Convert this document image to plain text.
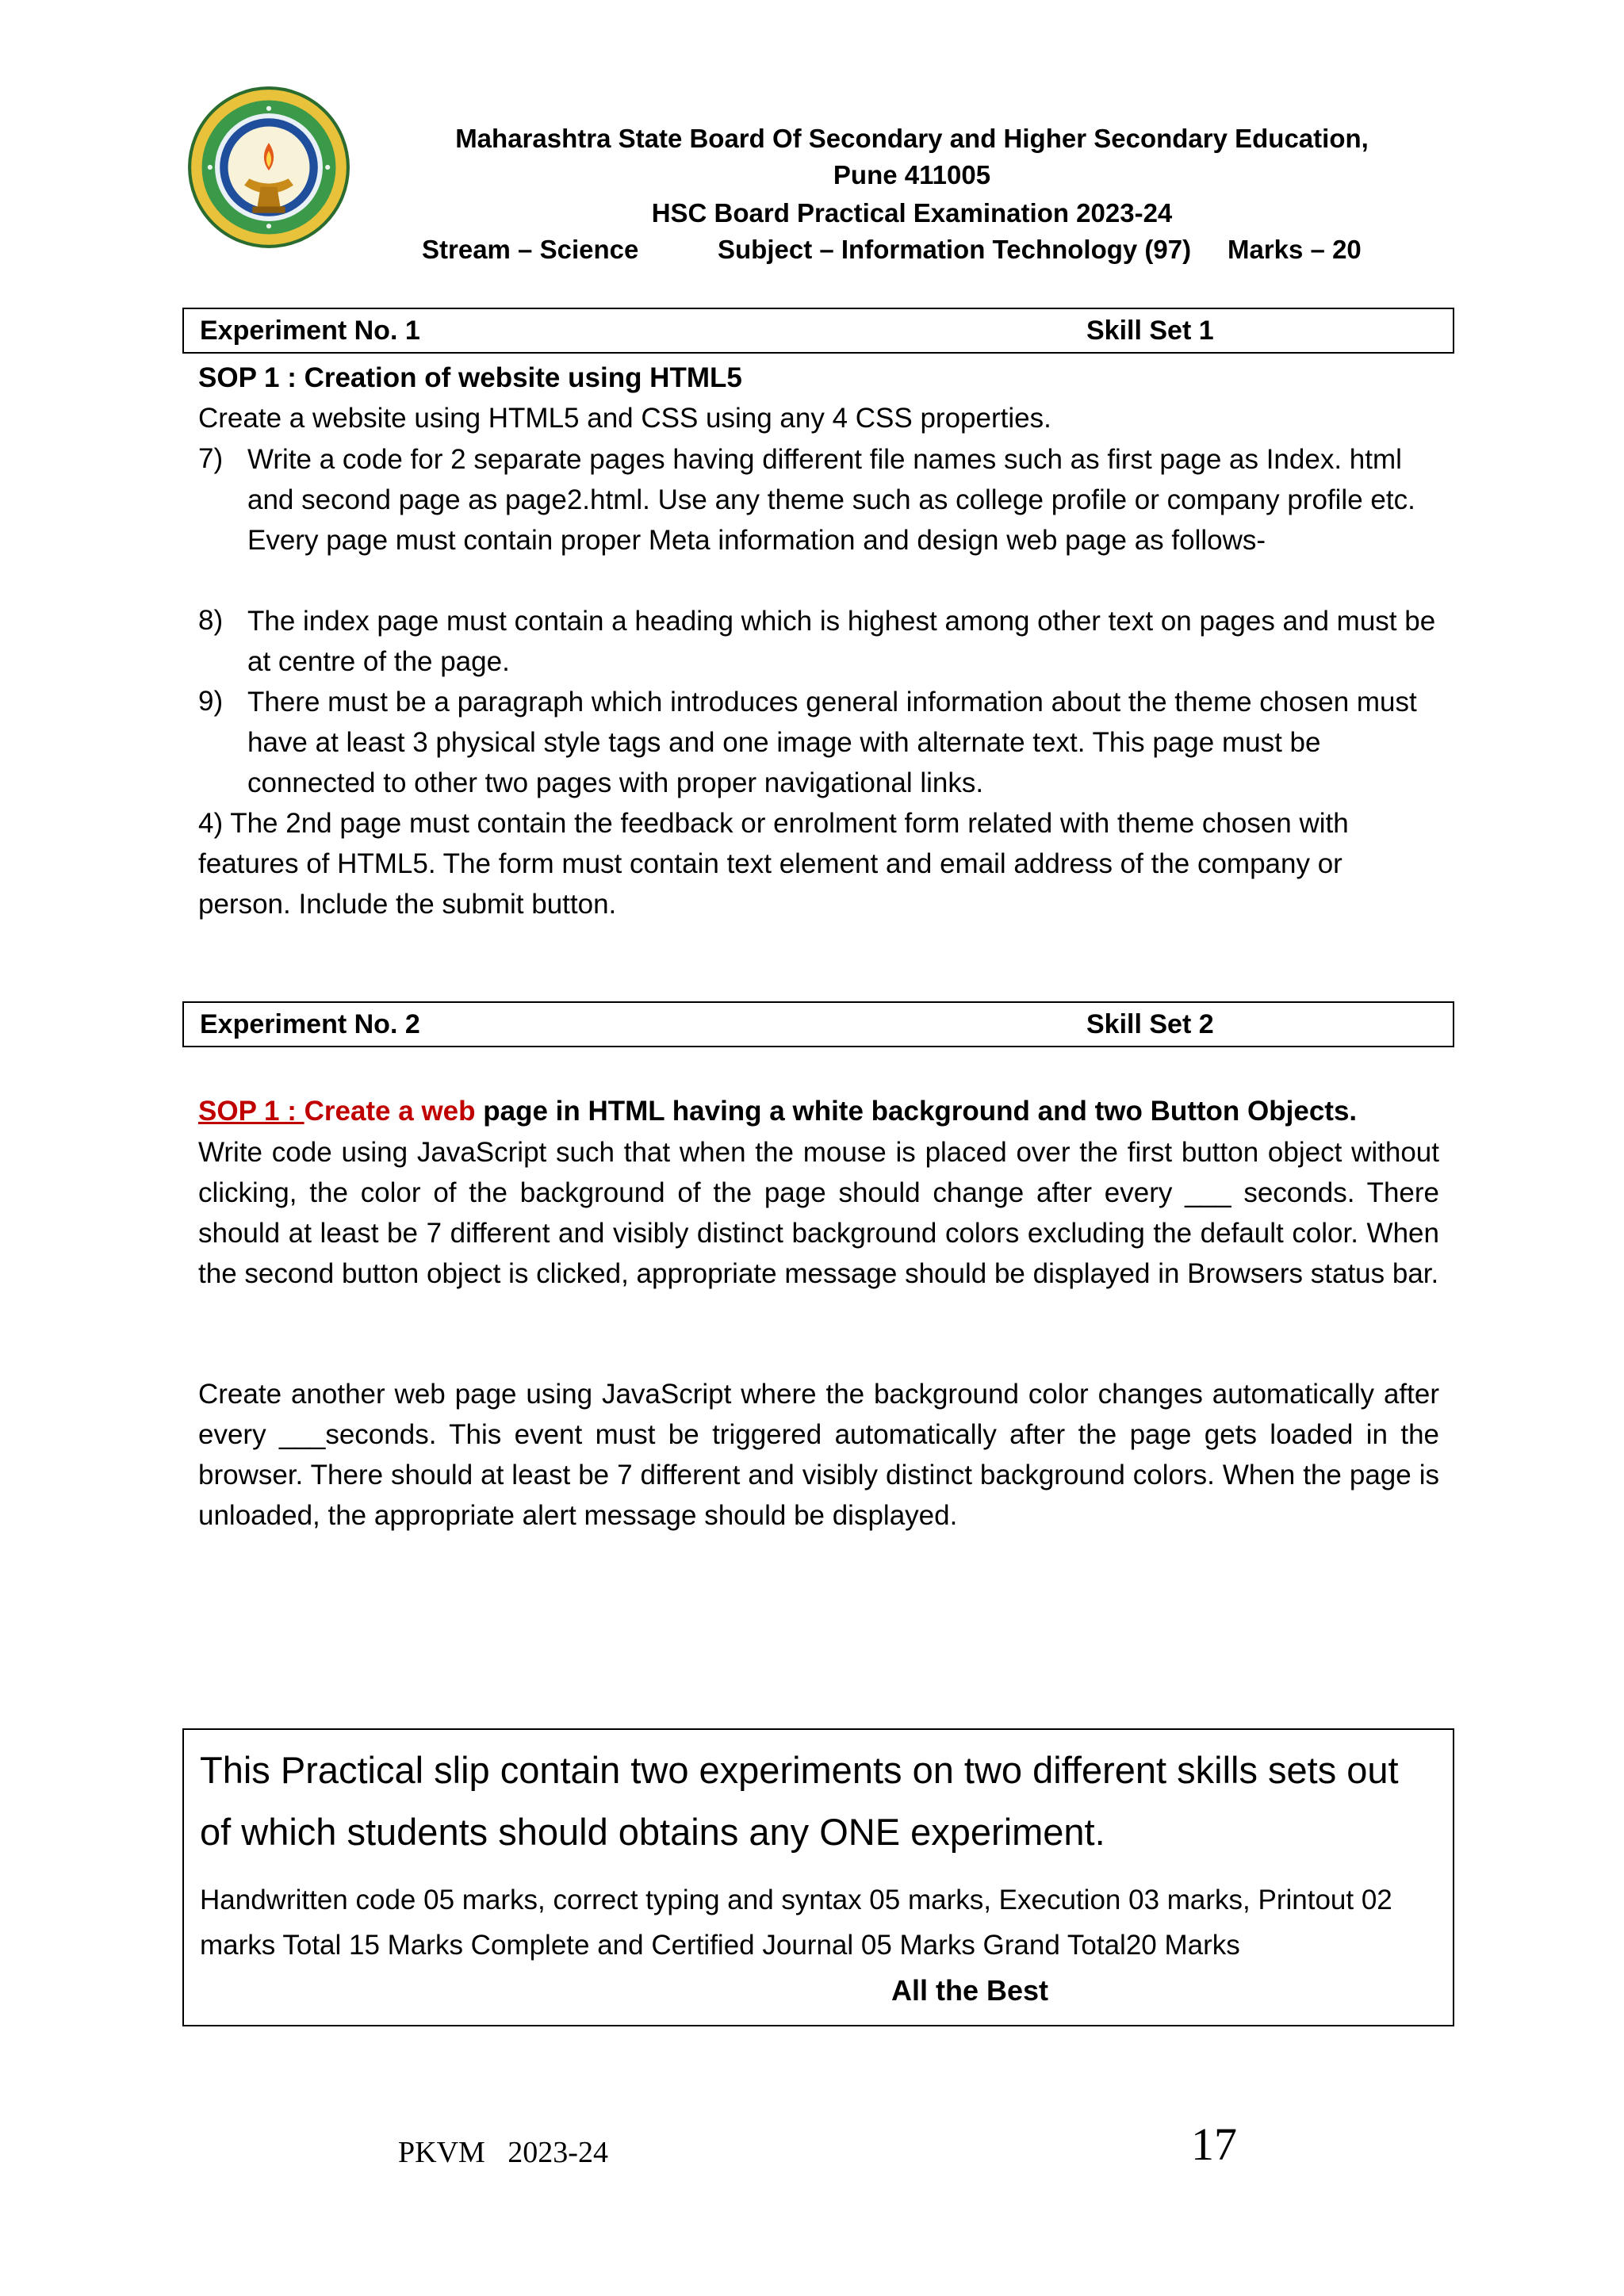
Maharashtra State Board Of Secondary and Higher Secondary Education,
Pune 411005
HSC Board Practical Examination 2023-24
Stream – Science	Subject – Information Technology (97) Marks – 20
Experiment No. 1	Skill Set 1
SOP 1 : Creation of website using HTML5
Create a website using HTML5 and CSS using any 4 CSS properties.
7) Write a code for 2 separate pages having different file names such as first page as Index. html and second page as page2.html. Use any theme such as college profile or company profile etc. Every page must contain proper Meta information and design web page as follows-
8) The index page must contain a heading which is highest among other text on pages and must be at centre of the page.
9) There must be a paragraph which introduces general information about the theme chosen must have at least 3 physical style tags and one image with alternate text. This page must be connected to other two pages with proper navigational links.
4) The 2nd page must contain the feedback or enrolment form related with theme chosen with features of HTML5. The form must contain text element and email address of the company or person. Include the submit button.
Experiment No. 2	Skill Set 2
SOP 1 : Create a web page in HTML having a white background and two Button Objects.
Write code using JavaScript such that when the mouse is placed over the first button object without clicking, the color of the background of the page should change after every ___ seconds. There should at least be 7 different and visibly distinct background colors excluding the default color. When the second button object is clicked, appropriate message should be displayed in Browsers status bar.
Create another web page using JavaScript where the background color changes automatically after every ___seconds. This event must be triggered automatically after the page gets loaded in the browser. There should at least be 7 different and visibly distinct background colors. When the page is unloaded, the appropriate alert message should be displayed.
This Practical slip contain two experiments on two different skills sets out of which students should obtains any ONE experiment.
Handwritten code 05 marks, correct typing and syntax 05 marks, Execution 03 marks, Printout 02 marks Total 15 Marks Complete and Certified Journal 05 Marks Grand Total20 Marks
All the Best
PKVM   2023-24	17
